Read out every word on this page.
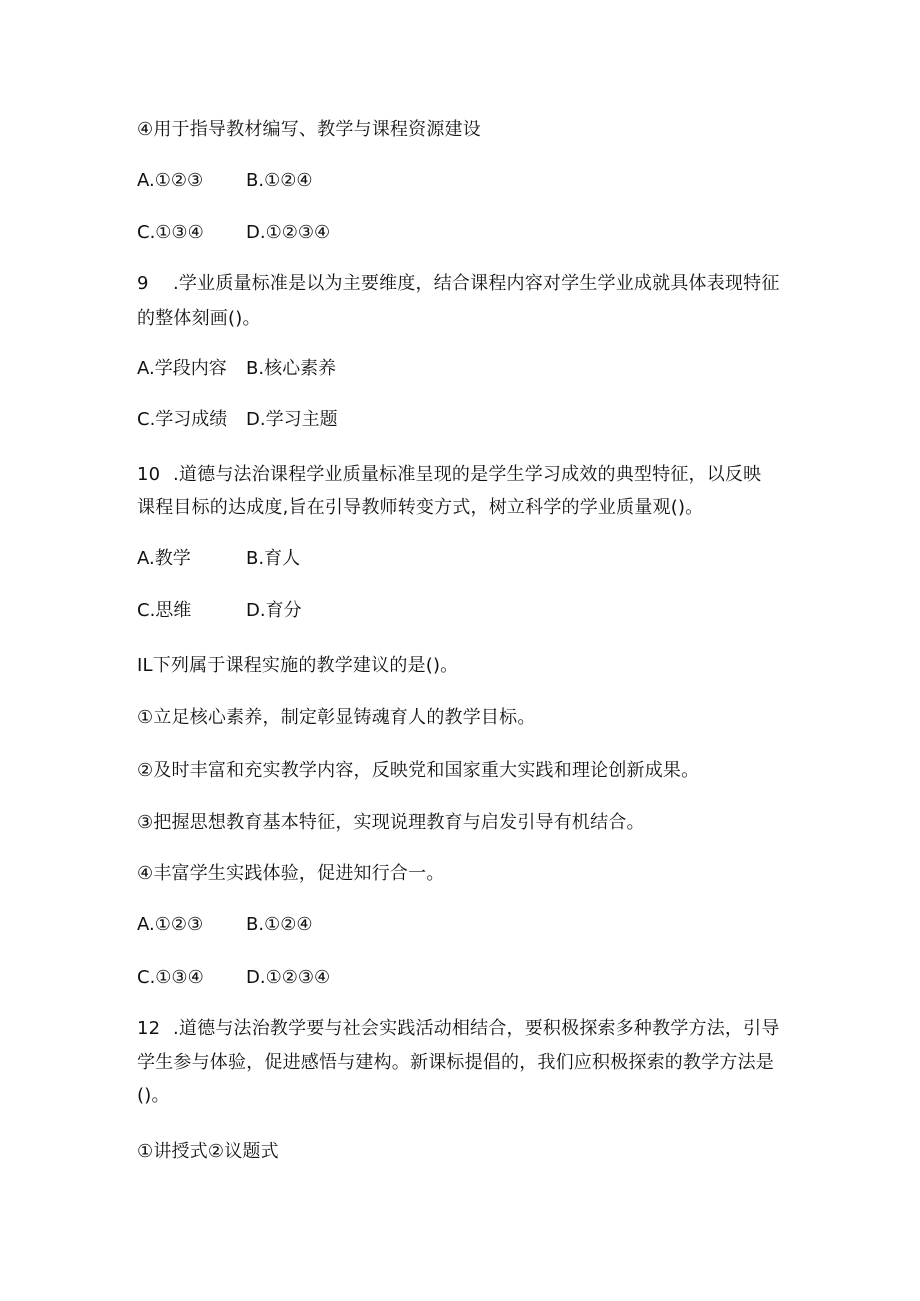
④用于指导教材编写、教学与课程资源建设
A.①②③ B.①②④
C.①③④ D.①②③④
9 .学业质量标准是以为主要维度，结合课程内容对学生学业成就具体表现特征
的整体刻画()。
A.学段内容 B.核心素养
C.学习成绩 D.学习主题
10 .道德与法治课程学业质量标准呈现的是学生学习成效的典型特征，以反映
课程目标的达成度,旨在引导教师转变方式，树立科学的学业质量观()。
A.教学	B.育人
C.思维	D.育分
IL下列属于课程实施的教学建议的是()。
①立足核心素养，制定彰显铸魂育人的教学目标。
②及时丰富和充实教学内容，反映党和国家重大实践和理论创新成果。
③把握思想教育基本特征，实现说理教育与启发引导有机结合。
④丰富学生实践体验，促进知行合一。
A.①②③ B.①②④
C.①③④ D.①②③④
12 .道德与法治教学要与社会实践活动相结合，要积极探索多种教学方法，引导
学生参与体验，促进感悟与建构。新课标提倡的，我们应积极探索的教学方法是
()。
①讲授式②议题式
